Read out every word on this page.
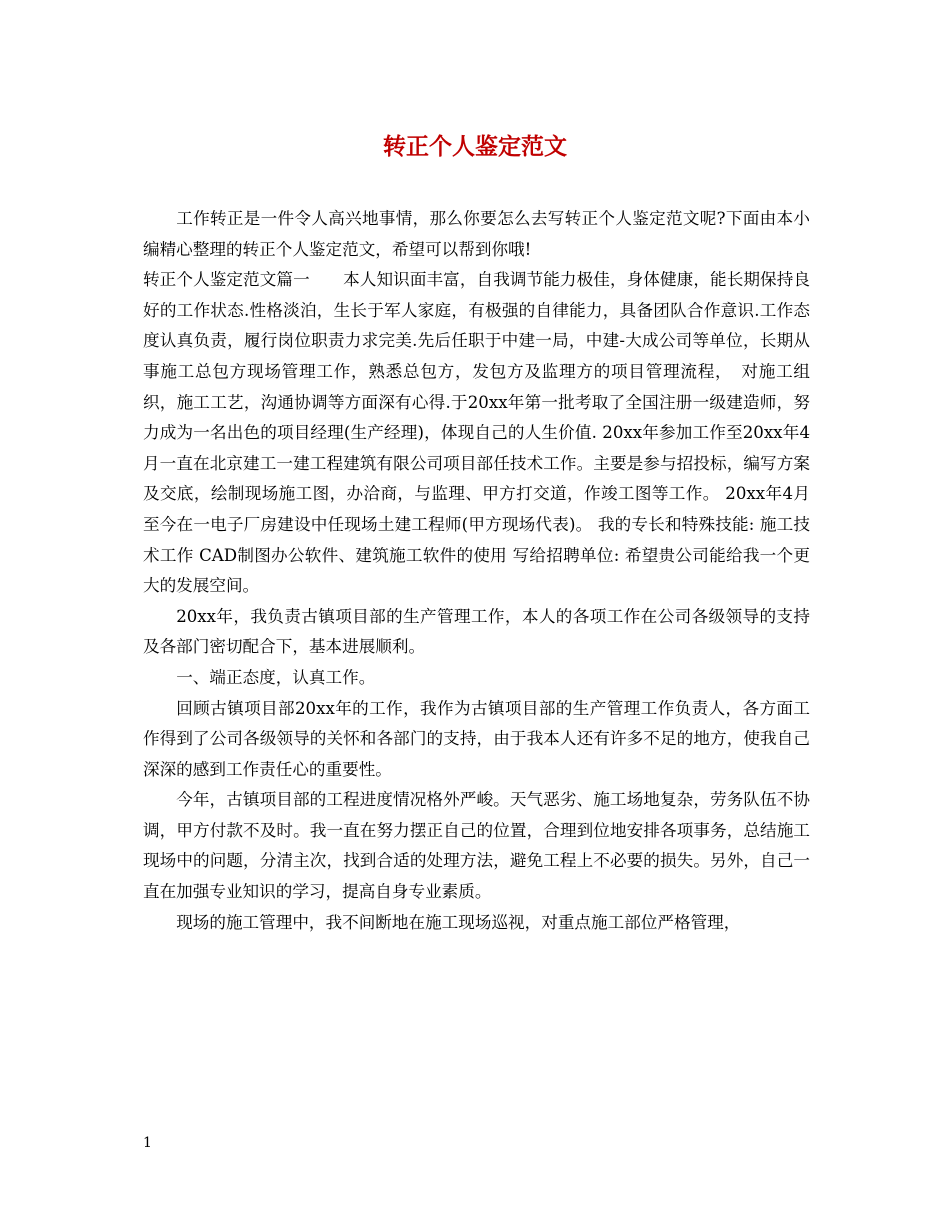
转正个人鉴定范文

工作转正是一件令人高兴地事情，那么你要怎么去写转正个人鉴定范文呢?下面由本小编精心整理的转正个人鉴定范文，希望可以帮到你哦!

转正个人鉴定范文篇一　　本人知识面丰富，自我调节能力极佳，身体健康，能长期保持良好的工作状态.性格淡泊，生长于军人家庭，有极强的自律能力，具备团队合作意识.工作态度认真负责，履行岗位职责力求完美.先后任职于中建一局，中建-大成公司等单位，长期从事施工总包方现场管理工作，熟悉总包方，发包方及监理方的项目管理流程，　对施工组织，施工工艺，沟通协调等方面深有心得.于20xx年第一批考取了全国注册一级建造师，努力成为一名出色的项目经理(生产经理)，体现自己的人生价值. 20xx年参加工作至20xx年4月一直在北京建工一建工程建筑有限公司项目部任技术工作。主要是参与招投标，编写方案及交底，绘制现场施工图，办洽商，与监理、甲方打交道，作竣工图等工作。 20xx年4月至今在一电子厂房建设中任现场土建工程师(甲方现场代表)。 我的专长和特殊技能: 施工技术工作 CAD制图办公软件、建筑施工软件的使用 写给招聘单位: 希望贵公司能给我一个更大的发展空间。

20xx年，我负责古镇项目部的生产管理工作，本人的各项工作在公司各级领导的支持及各部门密切配合下，基本进展顺利。

一、端正态度，认真工作。

回顾古镇项目部20xx年的工作，我作为古镇项目部的生产管理工作负责人，各方面工作得到了公司各级领导的关怀和各部门的支持，由于我本人还有许多不足的地方，使我自己深深的感到工作责任心的重要性。

今年，古镇项目部的工程进度情况格外严峻。天气恶劣、施工场地复杂，劳务队伍不协调，甲方付款不及时。我一直在努力摆正自己的位置，合理到位地安排各项事务，总结施工现场中的问题，分清主次，找到合适的处理方法，避免工程上不必要的损失。另外，自己一直在加强专业知识的学习，提高自身专业素质。

现场的施工管理中，我不间断地在施工现场巡视，对重点施工部位严格管理，

1
